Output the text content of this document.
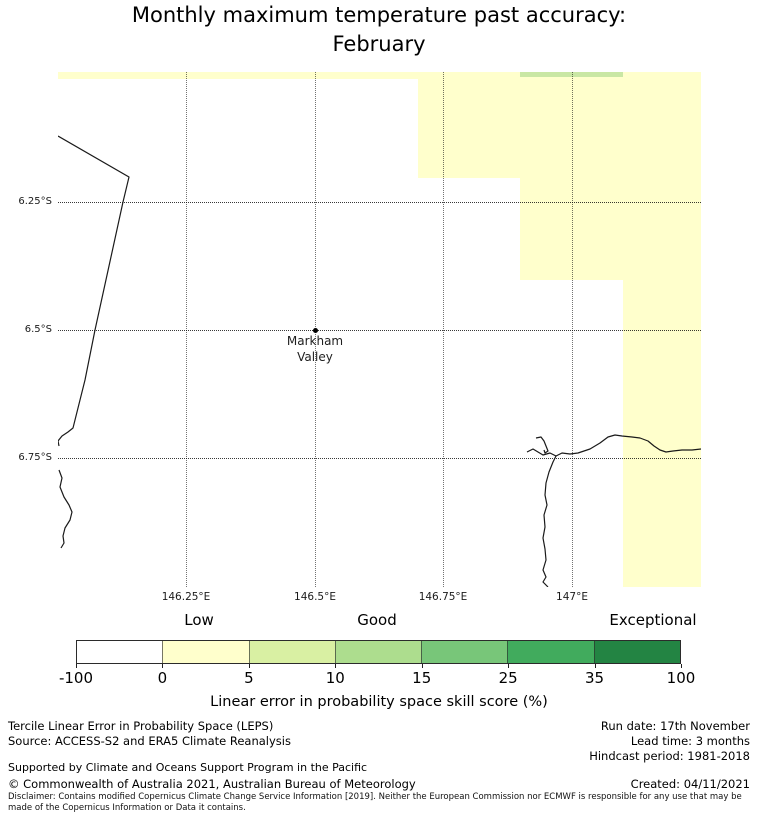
Monthly maximum temperature past accuracy:
February
Low	Good	Exceptional
-100	0	5	10	15	25	35	100
Linear error in probability space skill score (%)
Tercile Linear Error in Probability Space (LEPS)
Source: ACCESS-S2 and ERA5 Climate Reanalysis
Run date: 17th November
Lead time: 3 months
Hindcast period: 1981-2018
Supported by Climate and Oceans Support Program in the Pacific
© Commonwealth of Australia 2021, Australian Bureau of Meteorology	Created: 04/11/2021
Disclaimer: Contains modified Copernicus Climate Change Service Information [2019]. Neither the European Commission nor ECMWF is responsible for any use that may be made of the Copernicus Information or Data it contains.
146.25°E	146.5°E	146.75°E	147°E
6.25°S
6.5°S
6.75°S
Markham
Valley
